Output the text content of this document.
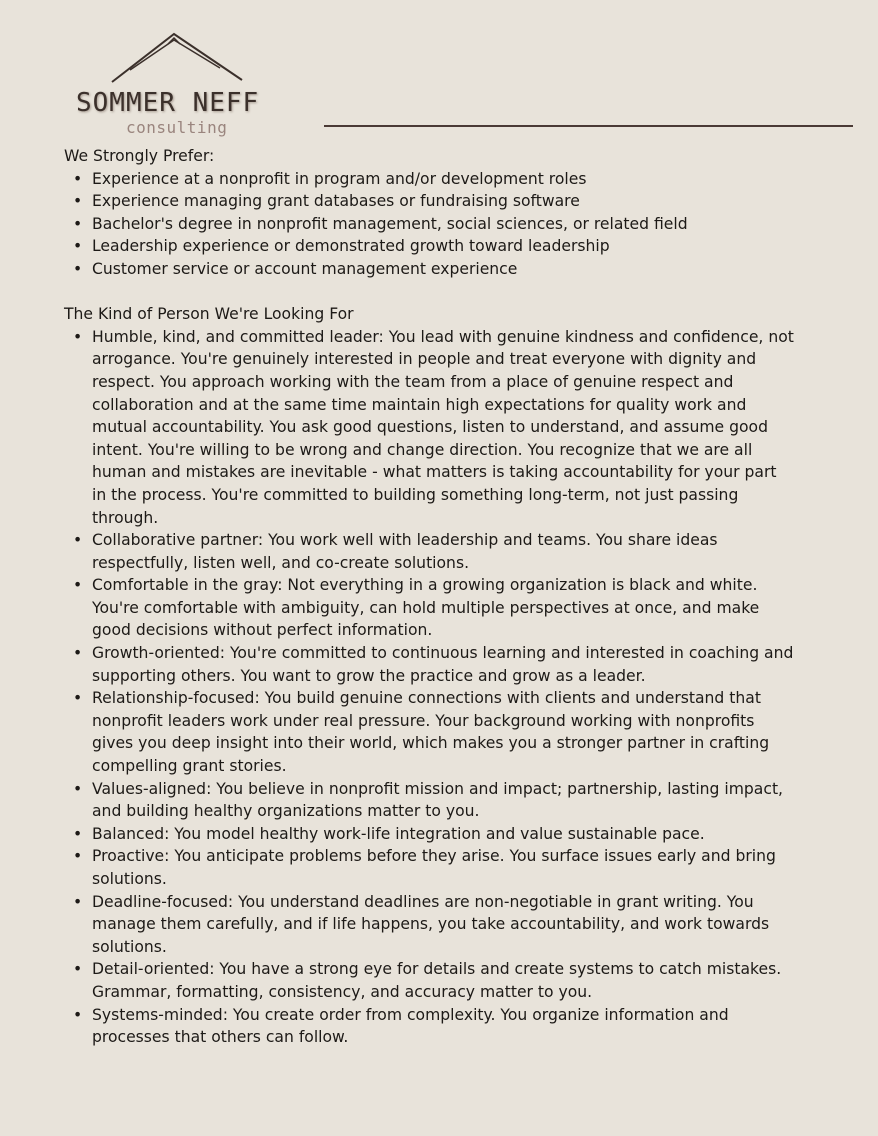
SOMMER NEFF
consulting
We Strongly Prefer:
• Experience at a nonprofit in program and/or development roles
• Experience managing grant databases or fundraising software
• Bachelor's degree in nonprofit management, social sciences, or related field
• Leadership experience or demonstrated growth toward leadership
• Customer service or account management experience
The Kind of Person We're Looking For
• Humble, kind, and committed leader: You lead with genuine kindness and confidence, not arrogance. You're genuinely interested in people and treat everyone with dignity and respect. You approach working with the team from a place of genuine respect and collaboration and at the same time maintain high expectations for quality work and mutual accountability. You ask good questions, listen to understand, and assume good intent. You're willing to be wrong and change direction. You recognize that we are all human and mistakes are inevitable - what matters is taking accountability for your part in the process. You're committed to building something long-term, not just passing through.
• Collaborative partner: You work well with leadership and teams. You share ideas respectfully, listen well, and co-create solutions.
• Comfortable in the gray: Not everything in a growing organization is black and white. You're comfortable with ambiguity, can hold multiple perspectives at once, and make good decisions without perfect information.
• Growth-oriented: You're committed to continuous learning and interested in coaching and supporting others. You want to grow the practice and grow as a leader.
• Relationship-focused: You build genuine connections with clients and understand that nonprofit leaders work under real pressure. Your background working with nonprofits gives you deep insight into their world, which makes you a stronger partner in crafting compelling grant stories.
• Values-aligned: You believe in nonprofit mission and impact; partnership, lasting impact, and building healthy organizations matter to you.
• Balanced: You model healthy work-life integration and value sustainable pace.
• Proactive: You anticipate problems before they arise. You surface issues early and bring solutions.
• Deadline-focused: You understand deadlines are non-negotiable in grant writing. You manage them carefully, and if life happens, you take accountability, and work towards solutions.
• Detail-oriented: You have a strong eye for details and create systems to catch mistakes. Grammar, formatting, consistency, and accuracy matter to you.
• Systems-minded: You create order from complexity. You organize information and processes that others can follow.
